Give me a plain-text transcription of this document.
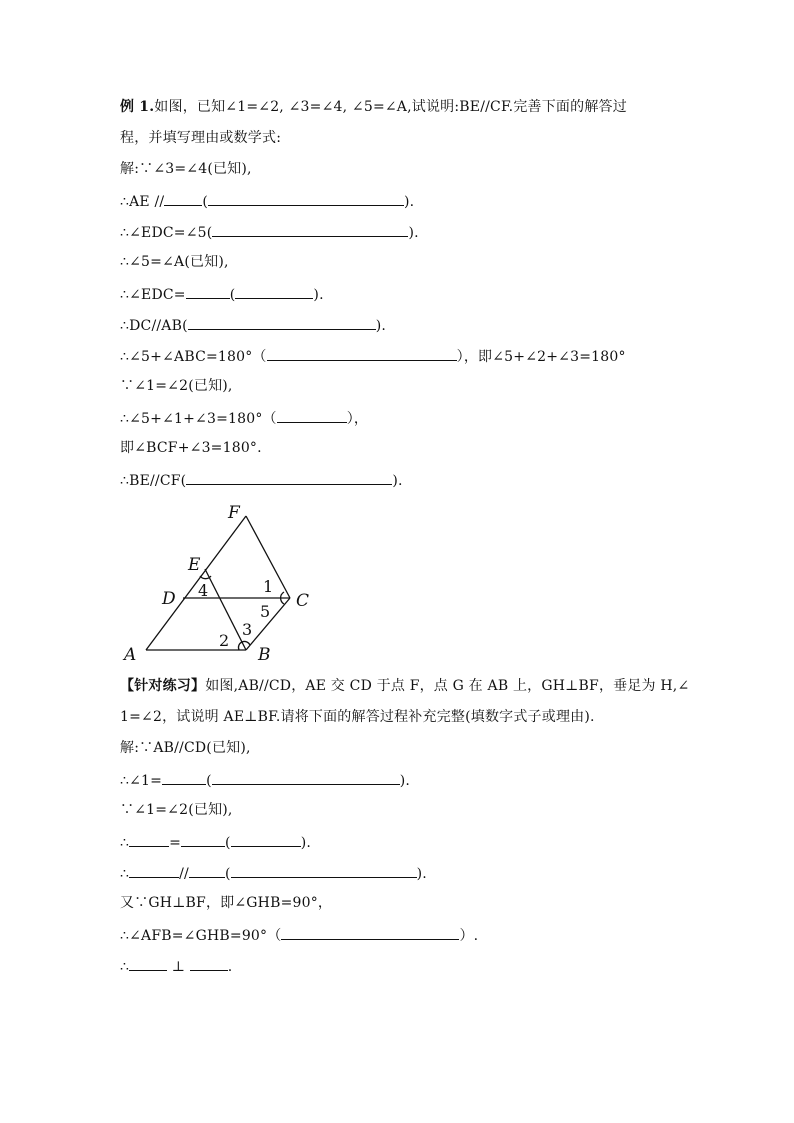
例 1.如图，已知∠1=∠2, ∠3=∠4, ∠5=∠A,试说明:BE//CF.完善下面的解答过
程，并填写理由或数学式:
解:∵∠3=∠4(已知),
∴AE //	(	).
∴∠EDC=∠5(	).
∴∠5=∠A(已知),
∴∠EDC=	(	).
∴DC//AB(	).
∴∠5+∠ABC=180°（	），即∠5+∠2+∠3=180°
∵∠1=∠2(已知),
∴∠5+∠1+∠3=180°（	），
即∠BCF+∠3=180°.
∴BE//CF(	).
F
E
D	C
A	B
1
2
3
4
5
【针对练习】如图,AB//CD，AE 交 CD 于点 F，点 G 在 AB 上，GH⊥BF，垂足为 H,∠
1=∠2，试说明 AE⊥BF.请将下面的解答过程补充完整(填数字式子或理由).
解:∵AB//CD(已知),
∴∠1=	(	).
∵∠1=∠2(已知),
∴	=	(	).
∴	//	(	).
又∵GH⊥BF，即∠GHB=90°，
∴∠AFB=∠GHB=90°（	）.
∴	⊥	.
